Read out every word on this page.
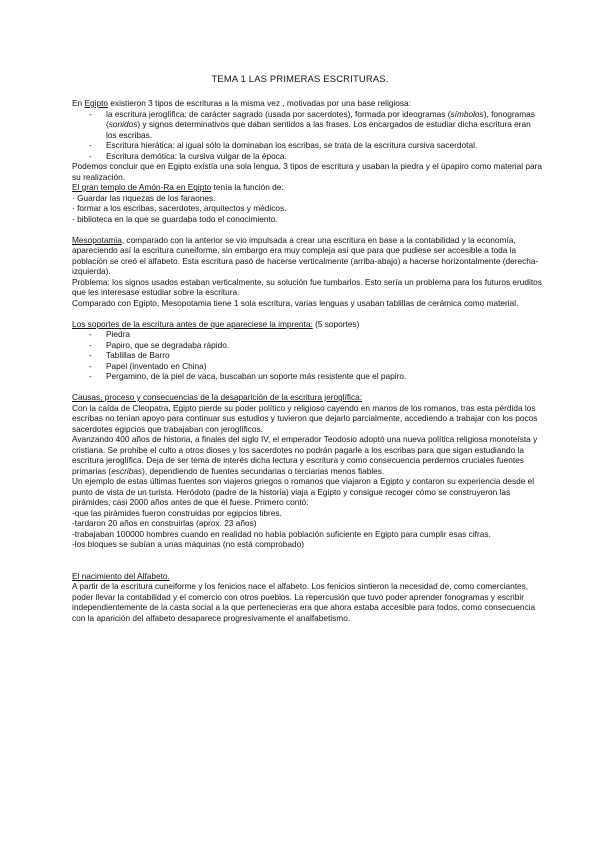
TEMA 1 LAS PRIMERAS ESCRITURAS.

En Egipto existieron 3 tipos de escrituras a la misma vez , motivadas por una base religiosa:

- la escritura jeroglífica: de carácter sagrado (usada por sacerdotes), formada por ideogramas (símbolos), fonogramas (sonidos) y signos determinativos que daban sentidos a las frases. Los encargados de estudiar dicha escritura eran los escribas.
- Escritura hierática: al igual sólo la dominaban los escribas, se trata de la escritura cursiva sacerdotal.
- Escritura demótica: la cursiva vulgar de la época.

Podemos concluir que en Egipto existía una sola lengua, 3 tipos de escritura y usaban la piedra y el üpapiro como material para su realización.

El gran templo de Amón-Ra en Egipto tenía la función de:

· Guardar las riquezas de los faraones.

· formar a los escribas, sacerdotes, arquitectos y médicos.

· biblioteca en la que se guardaba todo el conocimiento.

Mesopotamia, comparado con la anterior se vio impulsada a crear una escritura en base a la contabilidad y la economía, apareciendo así la escritura cuneiforme, sin embargo era muy compleja así que para que pudiese ser accesible a toda la población se creó el alfabeto. Esta escritura pasó de hacerse verticalmente (arriba-abajo) a hacerse horizontalmente (derecha-izquierda).

Problema: los signos usados estaban verticalmente, su solución fue tumbarlos. Esto sería un problema para los futuros eruditos que les interesase estudiar sobre la escritura.

Comparado con Egipto, Mesopotamia tiene 1 sola escritura, varias lenguas y usaban tablillas de cerámica como material.

Los soportes de la escritura antes de que apareciese la imprenta: (5 soportes)

- Piedra
- Papiro, que se degradaba rápido.
- Tablillas de Barro
- Papel (inventado en China)
- Pergamino, de la piel de vaca, buscaban un soporte más resistente que el papiro.

Causas, proceso y consecuencias de la desaparición de la escritura jeroglífica:

Con la caída de Cleopatra, Egipto pierde su poder político y religioso cayendo en manos de los romanos, tras esta pérdida los escribas no tenían apoyo para continuar sus estudios y tuvieron que dejarlo parcialmente, accediendo a trabajar con los pocos sacerdotes egipcios que trabajaban con jeroglíficos.

Avanzando 400 años de historia, a finales del siglo IV, el emperador Teodosio adoptó una nueva política religiosa monoteísta y cristiana. Se prohibe el culto a otros dioses y los sacerdotes no podrán pagarle a los escribas para que sigan estudiando la escritura jeroglífica. Deja de ser tema de interés dicha lectura y escritura y como consecuencia perdemos cruciales fuentes primarias (escribas), dependiendo de fuentes secundarias o terciarias menos fiables.

Un ejemplo de estas últimas fuentes son viajeros griegos o romanos que viajaron a Egipto y contaron su experiencia desde el punto de vista de un turista. Heródoto (padre de la historia) viaja a Egipto y consigue recoger cómo se construyeron las pirámides, casi 2000 años antes de que él fuese. Primero contó:

-que las pirámides fueron construidas por egipcios libres.

-tardaron 20 años en construirlas (aprox. 23 años)

-trabajaban 100000 hombres cuando en realidad no había población suficiente en Egipto para cumplir esas cifras.

-los bloques se subían a unas máquinas (no está comprobado)

El nacimiento del Alfabeto.

A partir de la escritura cuneiforme y los fenicios nace el alfabeto. Los fenicios sintieron la necesidad de, como comerciantes, poder llevar la contabilidad y el comercio con otros pueblos. La repercusión que tuvo poder aprender fonogramas y escribir independientemente de la casta social a la que pertenecieras era que ahora estaba accesible para todos, como consecuencia con la aparición del alfabeto desaparece progresivamente el analfabetismo.
